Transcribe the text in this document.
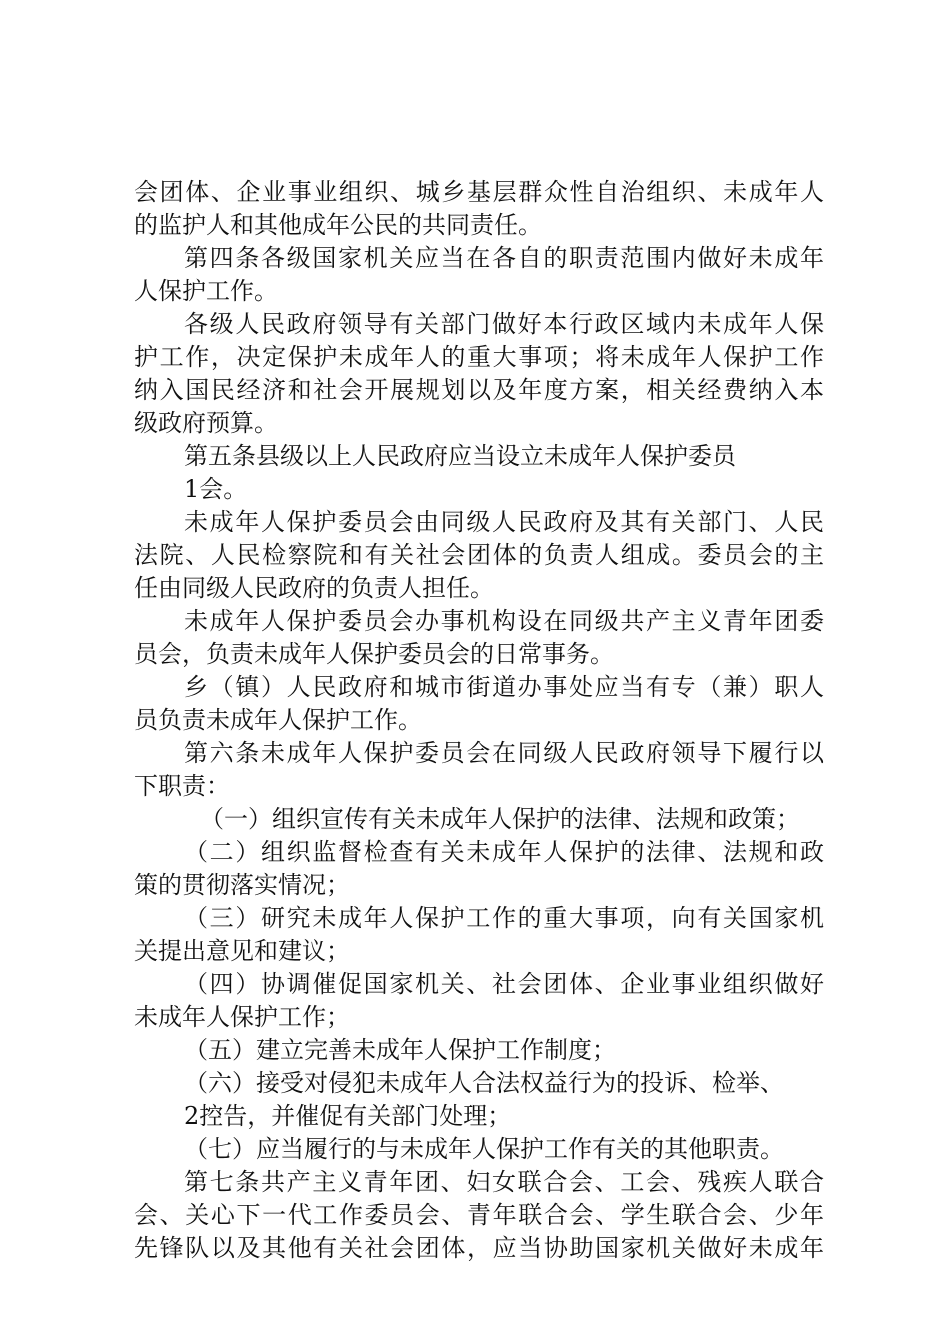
会团体、企业事业组织、城乡基层群众性自治组织、未成年人
的监护人和其他成年公民的共同责任。
第四条各级国家机关应当在各自的职责范围内做好未成年
人保护工作。
各级人民政府领导有关部门做好本行政区域内未成年人保
护工作，决定保护未成年人的重大事项；将未成年人保护工作
纳入国民经济和社会开展规划以及年度方案，相关经费纳入本
级政府预算。
第五条县级以上人民政府应当设立未成年人保护委员
1会。
未成年人保护委员会由同级人民政府及其有关部门、人民
法院、人民检察院和有关社会团体的负责人组成。委员会的主
任由同级人民政府的负责人担任。
未成年人保护委员会办事机构设在同级共产主义青年团委
员会，负责未成年人保护委员会的日常事务。
乡（镇）人民政府和城市街道办事处应当有专（兼）职人
员负责未成年人保护工作。
第六条未成年人保护委员会在同级人民政府领导下履行以
下职责：
（一）组织宣传有关未成年人保护的法律、法规和政策；
（二）组织监督检查有关未成年人保护的法律、法规和政
策的贯彻落实情况；
（三）研究未成年人保护工作的重大事项，向有关国家机
关提出意见和建议；
（四）协调催促国家机关、社会团体、企业事业组织做好
未成年人保护工作；
（五）建立完善未成年人保护工作制度；
（六）接受对侵犯未成年人合法权益行为的投诉、检举、
2控告，并催促有关部门处理；
（七）应当履行的与未成年人保护工作有关的其他职责。
第七条共产主义青年团、妇女联合会、工会、残疾人联合
会、关心下一代工作委员会、青年联合会、学生联合会、少年
先锋队以及其他有关社会团体，应当协助国家机关做好未成年
